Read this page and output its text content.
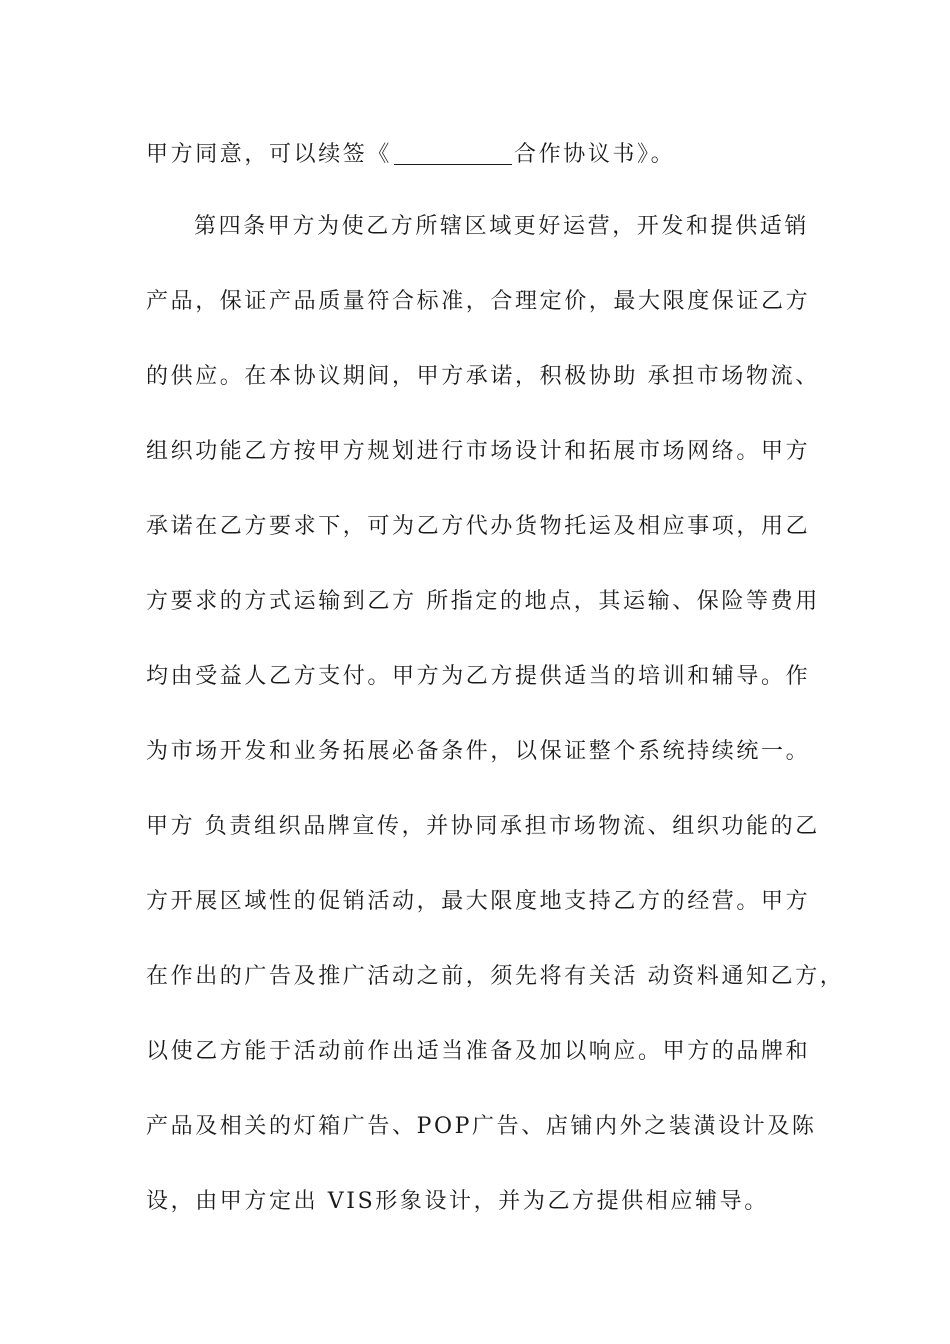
甲方同意，可以续签《	合作协议书》。
第四条甲方为使乙方所辖区域更好运营，开发和提供适销
产品，保证产品质量符合标准，合理定价，最大限度保证乙方
的供应。在本协议期间，甲方承诺，积极协助 承担市场物流、
组织功能乙方按甲方规划进行市场设计和拓展市场网络。甲方
承诺在乙方要求下，可为乙方代办货物托运及相应事项，用乙
方要求的方式运输到乙方 所指定的地点，其运输、保险等费用
均由受益人乙方支付。甲方为乙方提供适当的培训和辅导。作
为市场开发和业务拓展必备条件，以保证整个系统持续统一。
甲方 负责组织品牌宣传，并协同承担市场物流、组织功能的乙
方开展区域性的促销活动，最大限度地支持乙方的经营。甲方
在作出的广告及推广活动之前，须先将有关活 动资料通知乙方，
以使乙方能于活动前作出适当准备及加以响应。甲方的品牌和
产品及相关的灯箱广告、POP广告、店铺内外之装潢设计及陈
设，由甲方定出 VIS形象设计，并为乙方提供相应辅导。
